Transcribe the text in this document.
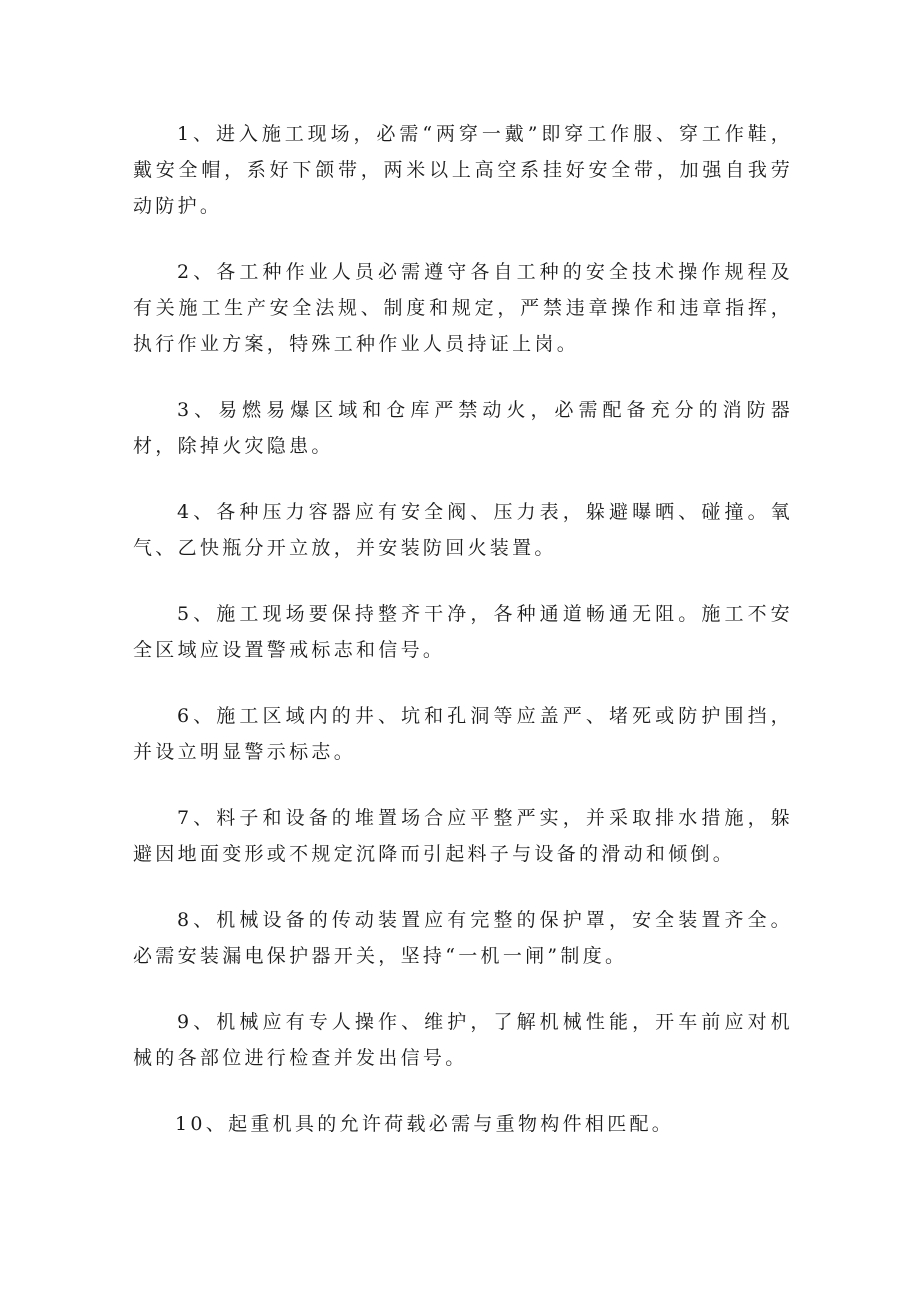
1、进入施工现场，必需“两穿一戴”即穿工作服、穿工作鞋，戴安全帽，系好下颌带，两米以上高空系挂好安全带，加强自我劳动防护。

2、各工种作业人员必需遵守各自工种的安全技术操作规程及有关施工生产安全法规、制度和规定，严禁违章操作和违章指挥，执行作业方案，特殊工种作业人员持证上岗。

3、易燃易爆区域和仓库严禁动火，必需配备充分的消防器材，除掉火灾隐患。

4、各种压力容器应有安全阀、压力表，躲避曝晒、碰撞。氧气、乙快瓶分开立放，并安装防回火装置。

5、施工现场要保持整齐干净，各种通道畅通无阻。施工不安全区域应设置警戒标志和信号。

6、施工区域内的井、坑和孔洞等应盖严、堵死或防护围挡，并设立明显警示标志。

7、料子和设备的堆置场合应平整严实，并采取排水措施，躲避因地面变形或不规定沉降而引起料子与设备的滑动和倾倒。

8、机械设备的传动装置应有完整的保护罩，安全装置齐全。必需安装漏电保护器开关，坚持“一机一闸”制度。

9、机械应有专人操作、维护，了解机械性能，开车前应对机械的各部位进行检查并发出信号。

10、起重机具的允许荷载必需与重物构件相匹配。
